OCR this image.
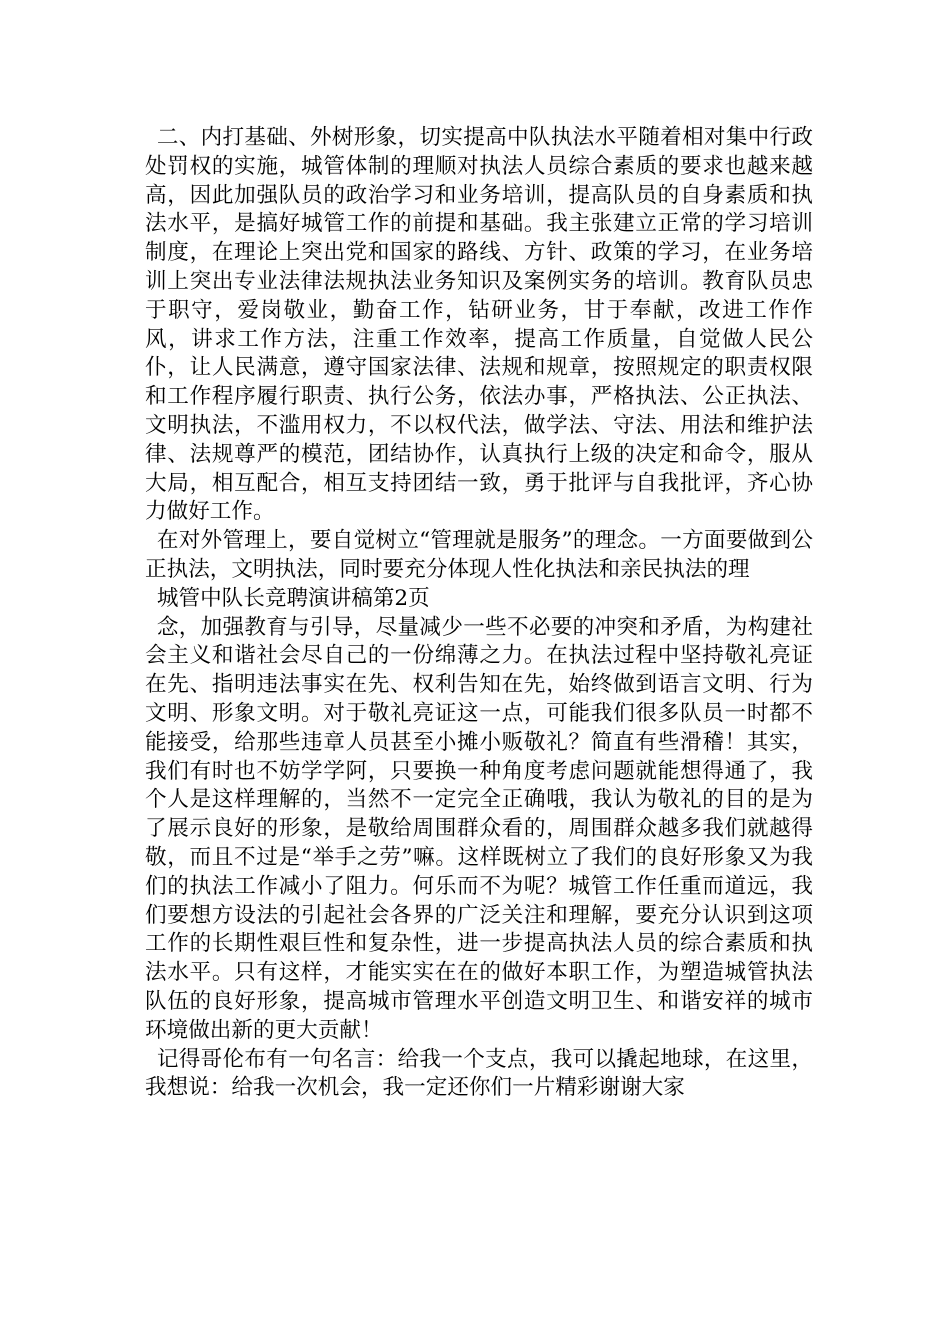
二、内打基础、外树形象，切实提高中队执法水平随着相对集中行政处罚权的实施，城管体制的理顺对执法人员综合素质的要求也越来越高，因此加强队员的政治学习和业务培训，提高队员的自身素质和执法水平，是搞好城管工作的前提和基础。我主张建立正常的学习培训制度，在理论上突出党和国家的路线、方针、政策的学习，在业务培训上突出专业法律法规执法业务知识及案例实务的培训。教育队员忠于职守，爱岗敬业，勤奋工作，钻研业务，甘于奉献，改进工作作风，讲求工作方法，注重工作效率，提高工作质量，自觉做人民公仆，让人民满意，遵守国家法律、法规和规章，按照规定的职责权限和工作程序履行职责、执行公务，依法办事，严格执法、公正执法、文明执法，不滥用权力，不以权代法，做学法、守法、用法和维护法律、法规尊严的模范，团结协作，认真执行上级的决定和命令，服从大局，相互配合，相互支持团结一致，勇于批评与自我批评，齐心协力做好工作。

在对外管理上，要自觉树立“管理就是服务”的理念。一方面要做到公正执法，文明执法，同时要充分体现人性化执法和亲民执法的理

城管中队长竞聘演讲稿第2页

念，加强教育与引导，尽量减少一些不必要的冲突和矛盾，为构建社会主义和谐社会尽自己的一份绵薄之力。在执法过程中坚持敬礼亮证在先、指明违法事实在先、权利告知在先，始终做到语言文明、行为文明、形象文明。对于敬礼亮证这一点，可能我们很多队员一时都不能接受，给那些违章人员甚至小摊小贩敬礼？简直有些滑稽！其实，我们有时也不妨学学阿，只要换一种角度考虑问题就能想得通了，我个人是这样理解的，当然不一定完全正确哦，我认为敬礼的目的是为了展示良好的形象，是敬给周围群众看的，周围群众越多我们就越得敬，而且不过是“举手之劳”嘛。这样既树立了我们的良好形象又为我们的执法工作减小了阻力。何乐而不为呢？城管工作任重而道远，我们要想方设法的引起社会各界的广泛关注和理解，要充分认识到这项工作的长期性艰巨性和复杂性，进一步提高执法人员的综合素质和执法水平。只有这样，才能实实在在的做好本职工作，为塑造城管执法队伍的良好形象，提高城市管理水平创造文明卫生、和谐安祥的城市环境做出新的更大贡献！

记得哥伦布有一句名言：给我一个支点，我可以撬起地球，在这里，我想说：给我一次机会，我一定还你们一片精彩谢谢大家
